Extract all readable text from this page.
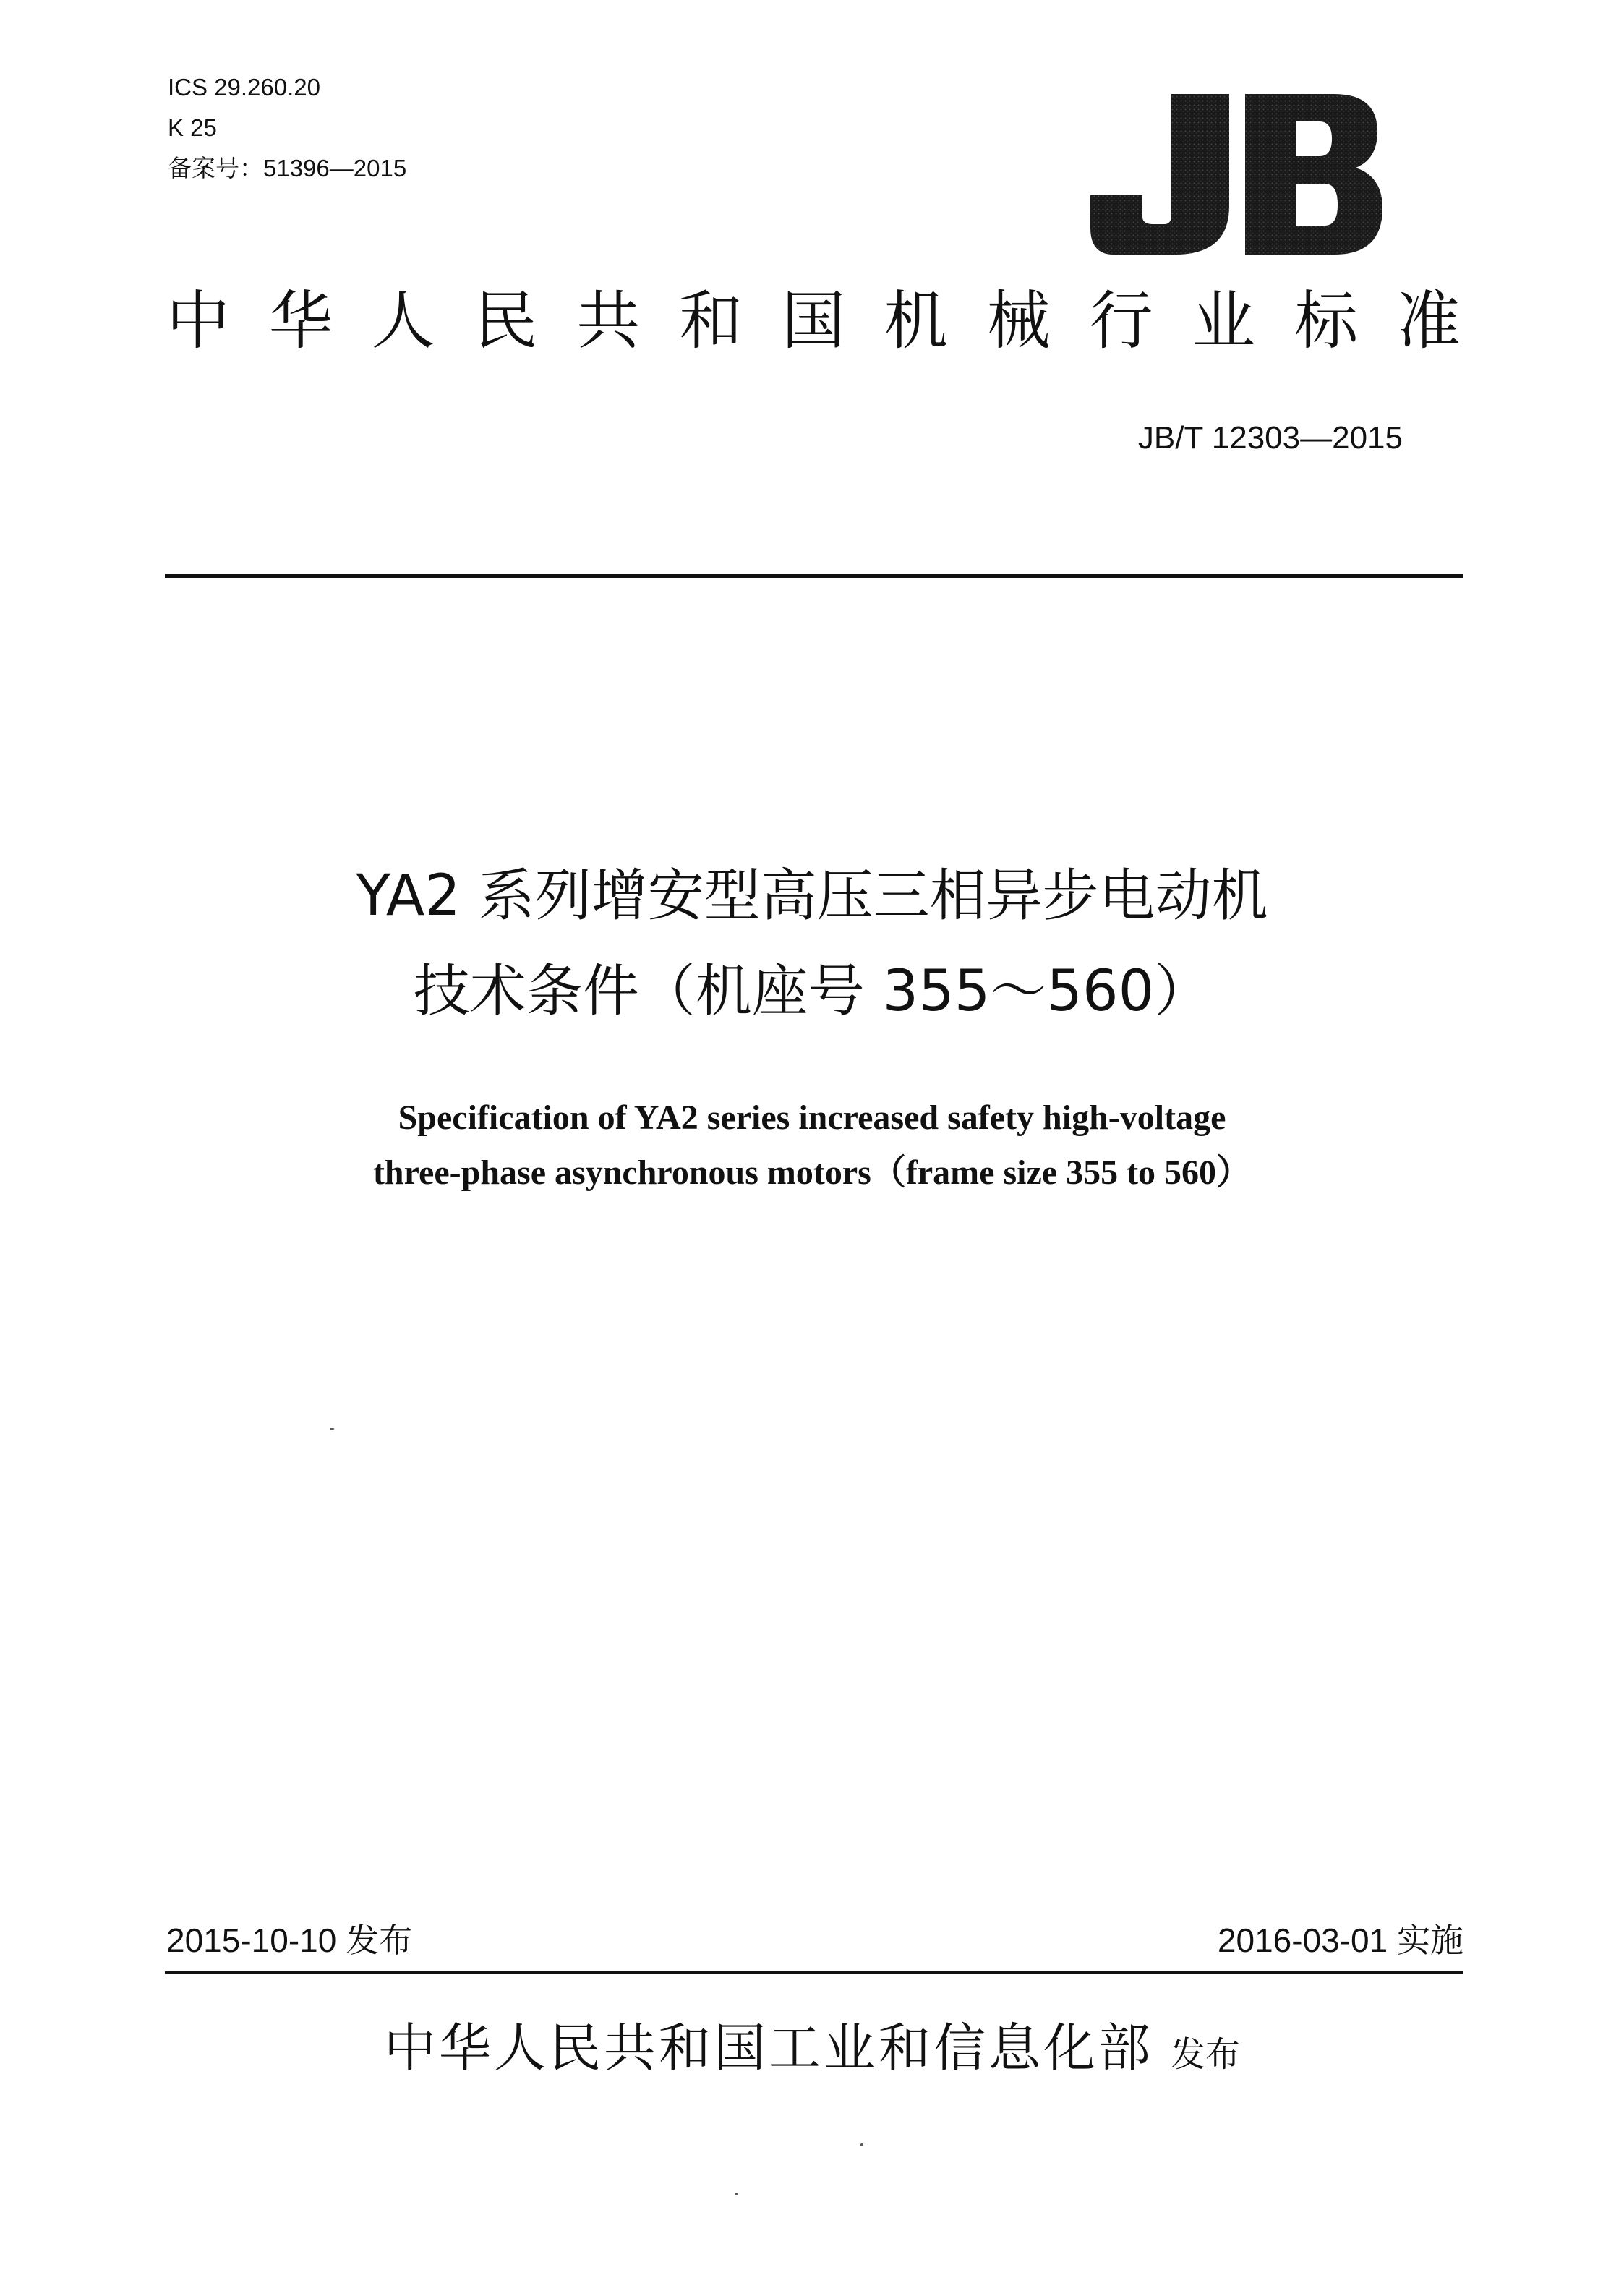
ICS 29.260.20
K 25
备案号：51396—2015
中 华 人 民 共 和 国 机 械 行 业 标 准
JB/T 12303—2015
YA2 系列增安型高压三相异步电动机
技术条件（机座号 355～560）
Specification of YA2 series increased safety high-voltage
three-phase asynchronous motors（frame size 355 to 560）
2015-10-10 发布	2016-03-01 实施
中华人民共和国工业和信息化部 发布
